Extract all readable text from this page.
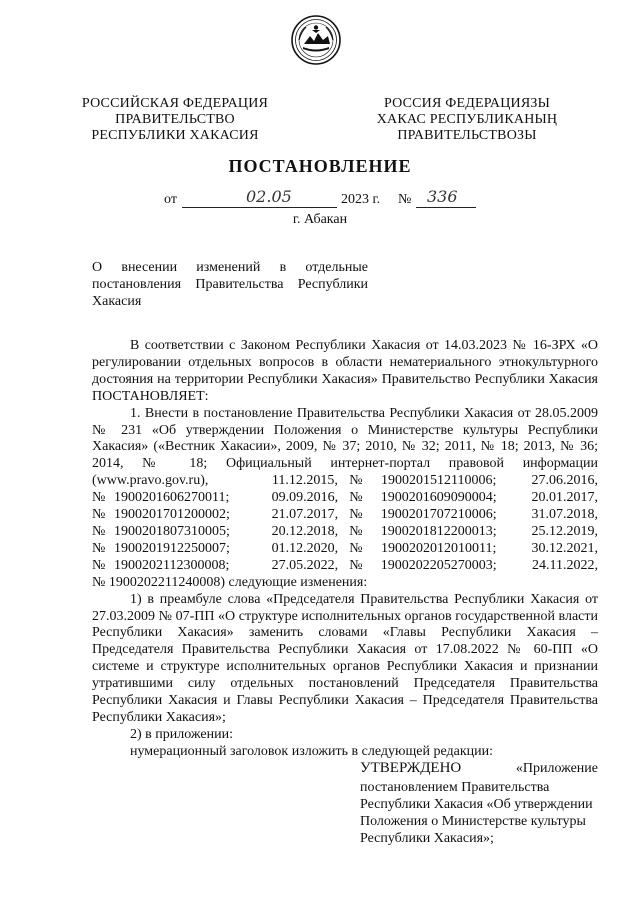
РОССИЙСКАЯ ФЕДЕРАЦИЯ
ПРАВИТЕЛЬСТВО
РЕСПУБЛИКИ ХАКАСИЯ
РОССИЯ ФЕДЕРАЦИЯЗЫ
ХАКАС РЕСПУБЛИКАНЫҢ
ПРАВИТЕЛЬСТВОЗЫ
ПОСТАНОВЛЕНИЕ
от	02.05	2023 г. № 336
г. Абакан
О внесении изменений в отдельные постановления Правительства Республики Хакасия

В соответствии с Законом Республики Хакасия от 14.03.2023 № 16-ЗРХ «О регулировании отдельных вопросов в области нематериального этнокультурного достояния на территории Республики Хакасия» Правительство Республики Хакасия ПОСТАНОВЛЯЕТ:

1. Внести в постановление Правительства Республики Хакасия от 28.05.2009 № 231 «Об утверждении Положения о Министерстве культуры Республики Хакасия» («Вестник Хакасии», 2009, № 37; 2010, № 32; 2011, № 18; 2013, № 36; 2014, № 18; Официальный интернет-портал правовой информации

(www.pravo.gov.ru),		11.12.2015,	№	1900201512110006;	27.06.2016,
№	1900201606270011;	09.09.2016,	№	1900201609090004;	20.01.2017,
№	1900201701200002;	21.07.2017,	№	1900201707210006;	31.07.2018,
№	1900201807310005;	20.12.2018,	№	1900201812200013;	25.12.2019,
№	1900201912250007;	01.12.2020,	№	1900202012010011;	30.12.2021,
№	1900202112300008;	27.05.2022,	№	1900202205270003;	24.11.2022,

№ 1900202211240008) следующие изменения:

1) в преамбуле слова «Председателя Правительства Республики Хакасия от 27.03.2009 № 07-ПП «О структуре исполнительных органов государственной власти Республики Хакасия» заменить словами «Главы Республики Хакасия – Председателя Правительства Республики Хакасия от 17.08.2022 № 60-ПП «О системе и структуре исполнительных органов Республики Хакасия и признании утратившими силу отдельных постановлений Председателя Правительства Республики Хакасия и Главы Республики Хакасия – Председателя Правительства Республики Хакасия»;

2) в приложении:

нумерационный заголовок изложить в следующей редакции:

«Приложение

УТВЕРЖДЕНО
постановлением Правительства Республики Хакасия «Об утверждении Положения о Министерстве культуры Республики Хакасия»;
